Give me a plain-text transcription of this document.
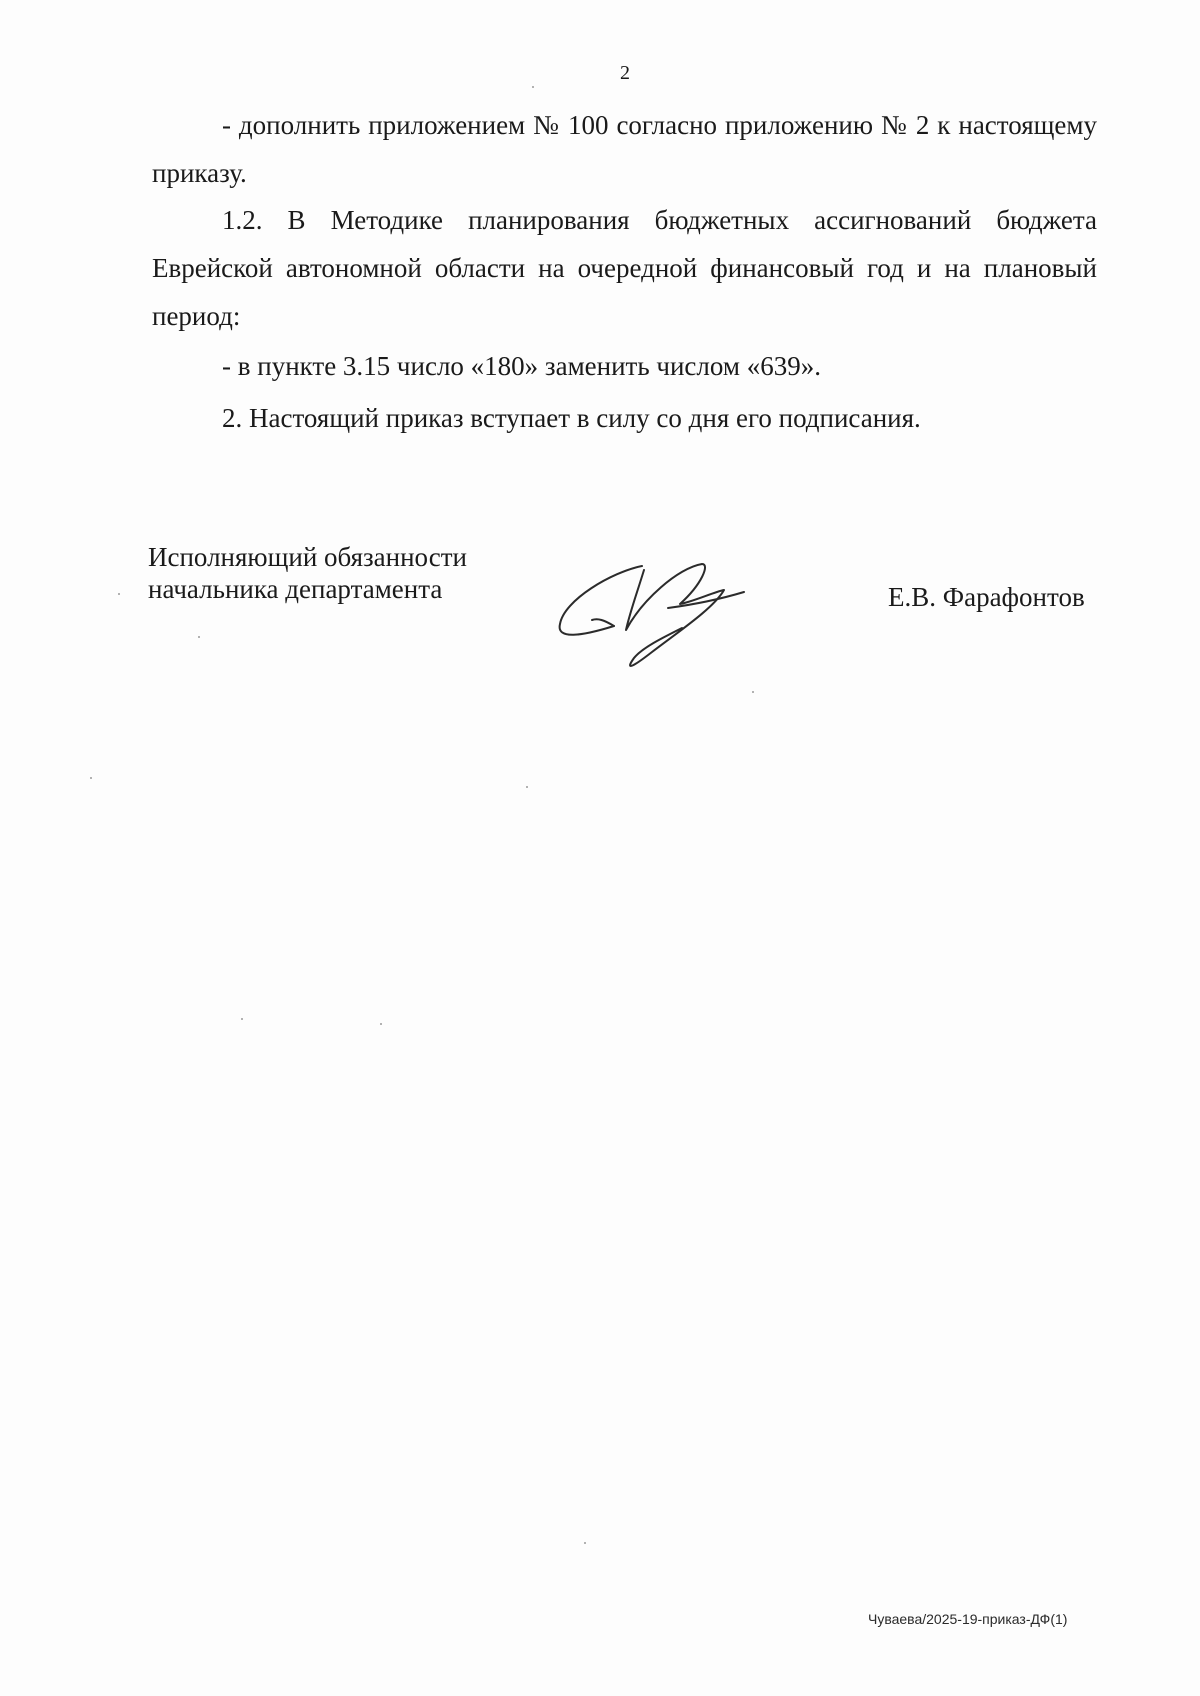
2

- дополнить приложением № 100 согласно приложению № 2 к настоящему приказу.

1.2. В Методике планирования бюджетных ассигнований бюджета Еврейской автономной области на очередной финансовый год и на плановый период:

- в пункте 3.15 число «180» заменить числом «639».

2. Настоящий приказ вступает в силу со дня его подписания.

Исполняющий обязанности
начальника департамента	Е.В. Фарафонтов
Чуваева/2025-19-приказ-ДФ(1)
